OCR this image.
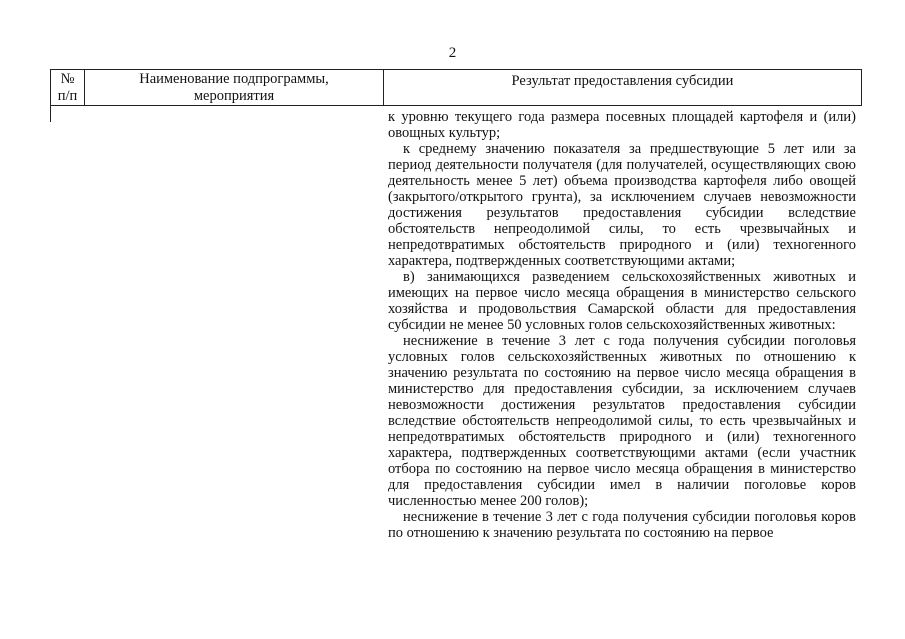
2
№
п/п
Наименование подпрограммы,
мероприятия
Результат предоставления субсидии

к уровню текущего года размера посевных площадей картофеля и (или) овощных культур;

к среднему значению показателя за предшествующие 5 лет или за период деятельности получателя (для получателей, осуществляющих свою деятельность менее 5 лет) объема производства картофеля либо овощей (закрытого/открытого грунта), за исключением случаев невозможности достижения результатов предоставления субсидии вследствие обстоятельств непреодолимой силы, то есть чрезвычайных и непредотвратимых обстоятельств природного и (или) техногенного характера, подтвержденных соответствующими актами;

в) занимающихся разведением сельскохозяйственных животных и имеющих на первое число месяца обращения в министерство сельского хозяйства и продовольствия Самарской области для предоставления субсидии не менее 50 условных голов сельскохозяйственных животных:

неснижение в течение 3 лет с года получения субсидии поголовья условных голов сельскохозяйственных животных по отношению к значению результата по состоянию на первое число месяца обращения в министерство для предоставления субсидии, за исключением случаев невозможности достижения результатов предоставления субсидии вследствие обстоятельств непреодолимой силы, то есть чрезвычайных и непредотвратимых обстоятельств природного и (или) техногенного характера, подтвержденных соответствующими актами (если участник отбора по состоянию на первое число месяца обращения в министерство для предоставления субсидии имел в наличии поголовье коров численностью менее 200 голов);

неснижение в течение 3 лет с года получения субсидии поголовья коров по отношению к значению результата по состоянию на первое
